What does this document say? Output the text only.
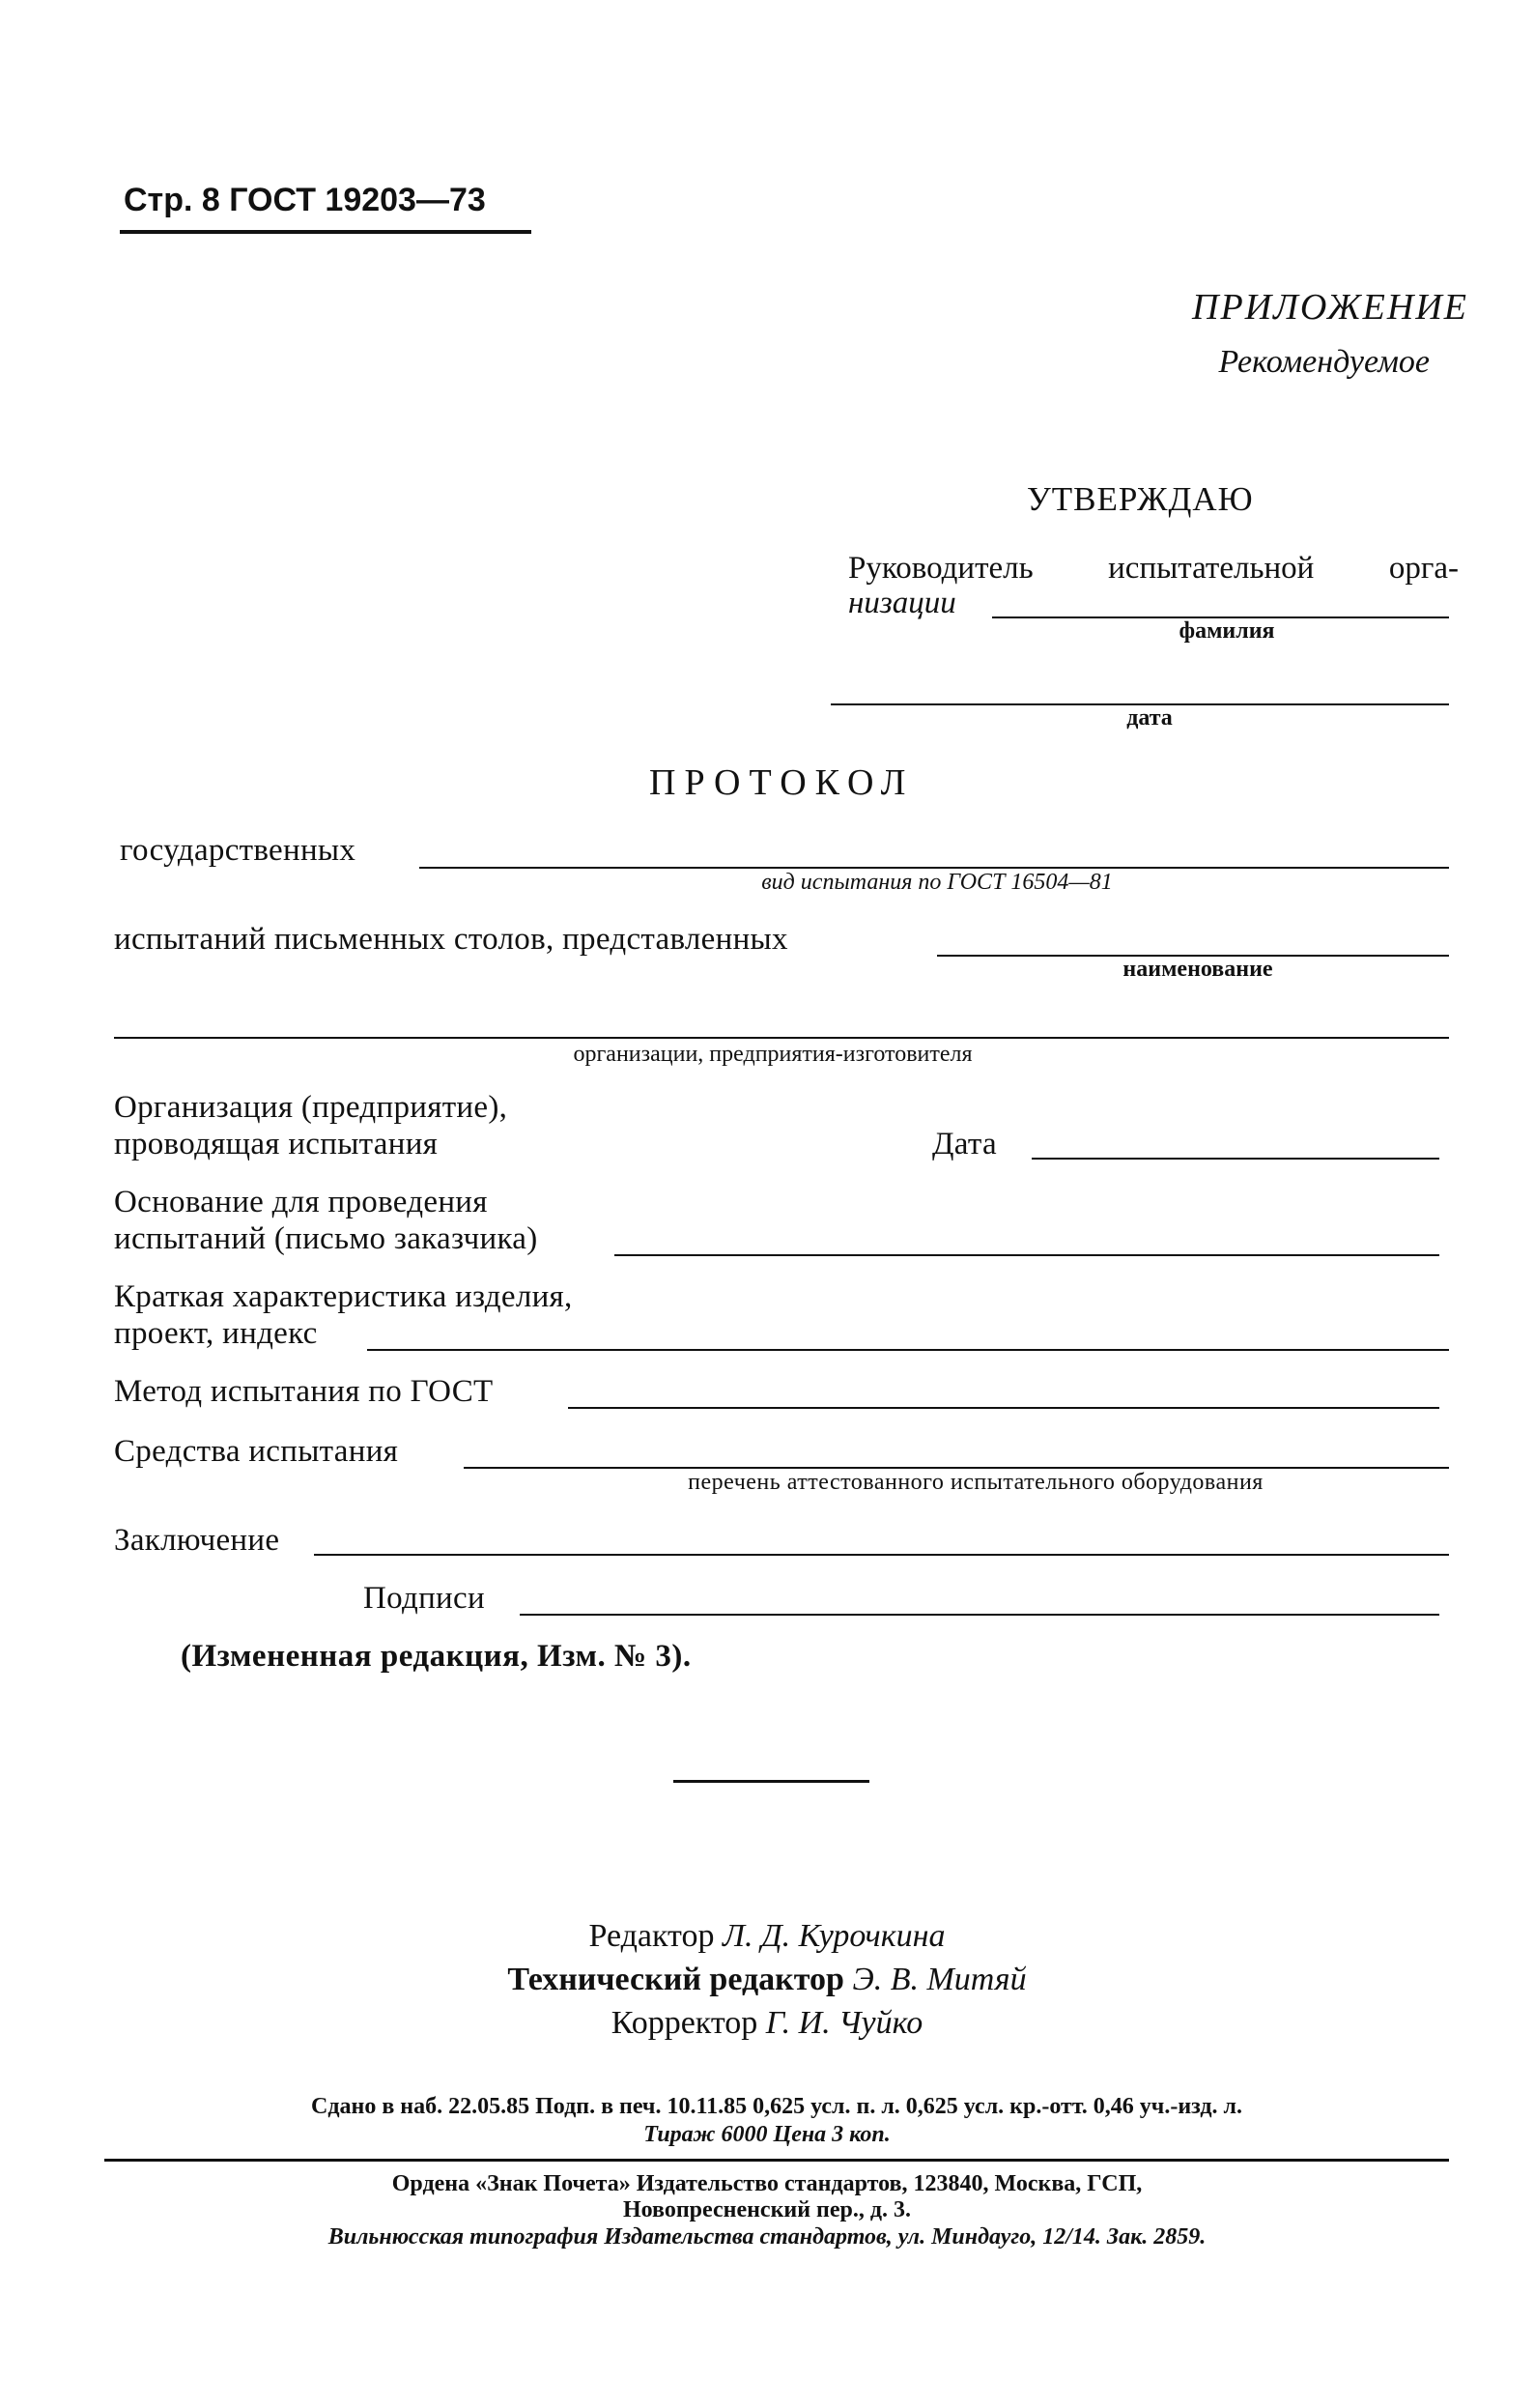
Стр. 8 ГОСТ 19203—73
ПРИЛОЖЕНИЕ
Рекомендуемое
УТВЕРЖДАЮ
Руководитель испытательной орга-
низации
фамилия
дата
ПРОТОКОЛ
государственных
вид испытания по ГОСТ 16504—81
испытаний письменных столов, представленных
наименование
организации, предприятия-изготовителя
Организация (предприятие),
проводящая испытания	Дата
Основание для проведения
испытаний (письмо заказчика)
Краткая характеристика изделия,
проект, индекс
Метод испытания по ГОСТ
Средства испытания
перечень аттестованного испытательного оборудования
Заключение
Подписи
(Измененная редакция, Изм. № 3).
Редактор Л. Д. Курочкина
Технический редактор Э. В. Митяй
Корректор Г. И. Чуйко
Сдано в наб. 22.05.85 Подп. в печ. 10.11.85 0,625 усл. п. л. 0,625 усл. кр.-отт. 0,46 уч.-изд. л.
Тираж 6000 Цена 3 коп.
Ордена «Знак Почета» Издательство стандартов, 123840, Москва, ГСП,
Новопресненский пер., д. 3.
Вильнюсская типография Издательства стандартов, ул. Миндауго, 12/14. Зак. 2859.
